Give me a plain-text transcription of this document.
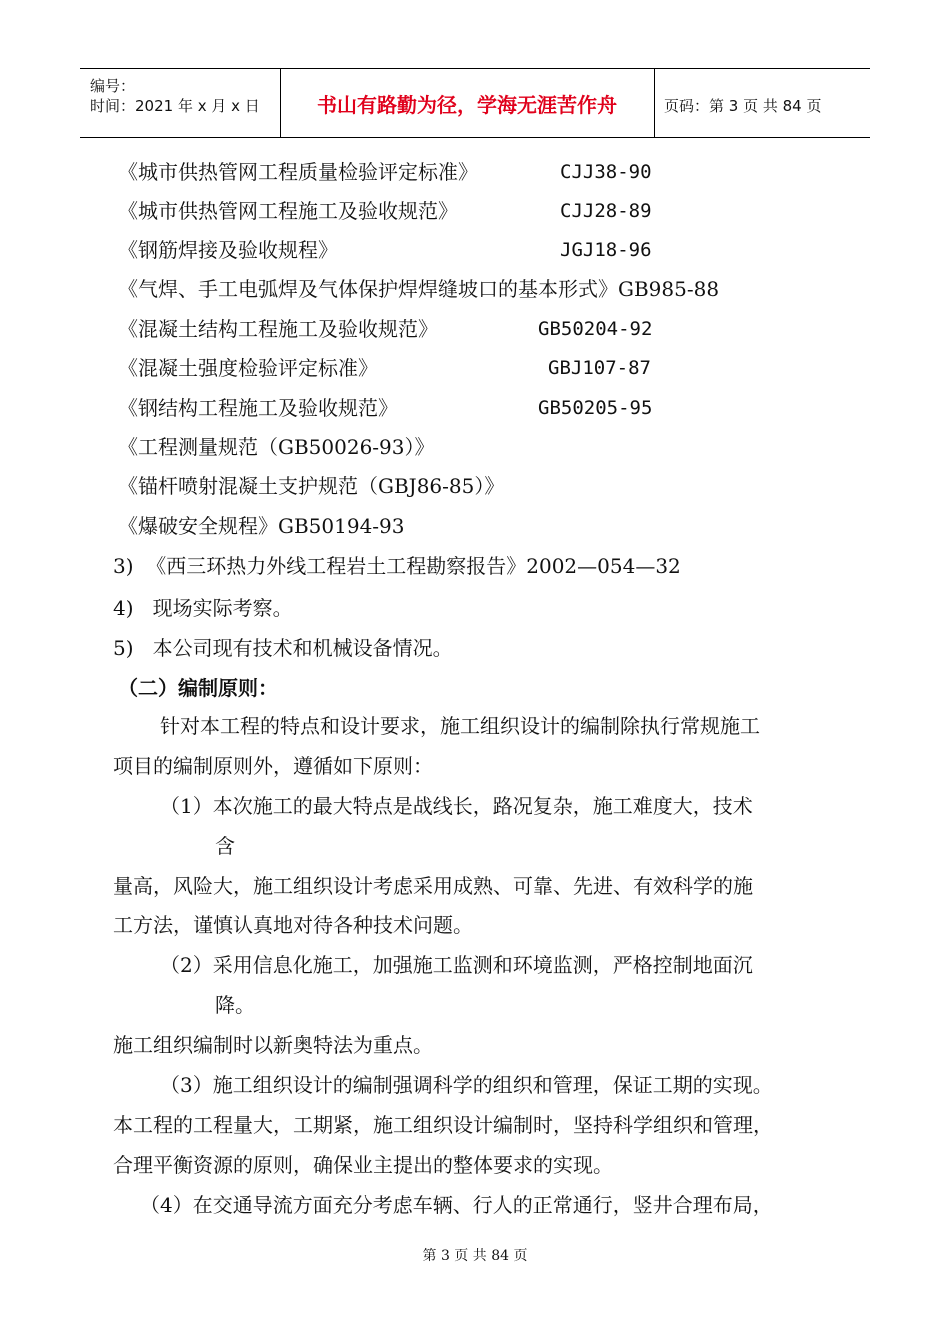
编号：
时间：2021 年 x 月 x 日	书山有路勤为径，学海无涯苦作舟	页码：第 3 页 共 84 页
《城市供热管网工程质量检验评定标准》	CJJ38-90
《城市供热管网工程施工及验收规范》	CJJ28-89
《钢筋焊接及验收规程》	JGJ18-96
《气焊、手工电弧焊及气体保护焊焊缝坡口的基本形式》GB985-88
《混凝土结构工程施工及验收规范》	GB50204-92
《混凝土强度检验评定标准》	GBJ107-87
《钢结构工程施工及验收规范》	GB50205-95
《工程测量规范（GB50026-93）》
《锚杆喷射混凝土支护规范（GBJ86-85）》
《爆破安全规程》GB50194-93
3)  《西三环热力外线工程岩土工程勘察报告》2002—054—32
4)   现场实际考察。
5)   本公司现有技术和机械设备情况。
（二）编制原则：
针对本工程的特点和设计要求，施工组织设计的编制除执行常规施工
项目的编制原则外，遵循如下原则：
（1）本次施工的最大特点是战线长，路况复杂，施工难度大，技术
含
量高，风险大，施工组织设计考虑采用成熟、可靠、先进、有效科学的施
工方法，谨慎认真地对待各种技术问题。
（2）采用信息化施工，加强施工监测和环境监测，严格控制地面沉
降。
施工组织编制时以新奥特法为重点。
（3）施工组织设计的编制强调科学的组织和管理，保证工期的实现。
本工程的工程量大，工期紧，施工组织设计编制时，坚持科学组织和管理，
合理平衡资源的原则，确保业主提出的整体要求的实现。
（4）在交通导流方面充分考虑车辆、行人的正常通行，竖井合理布局，
第 3 页 共 84 页
